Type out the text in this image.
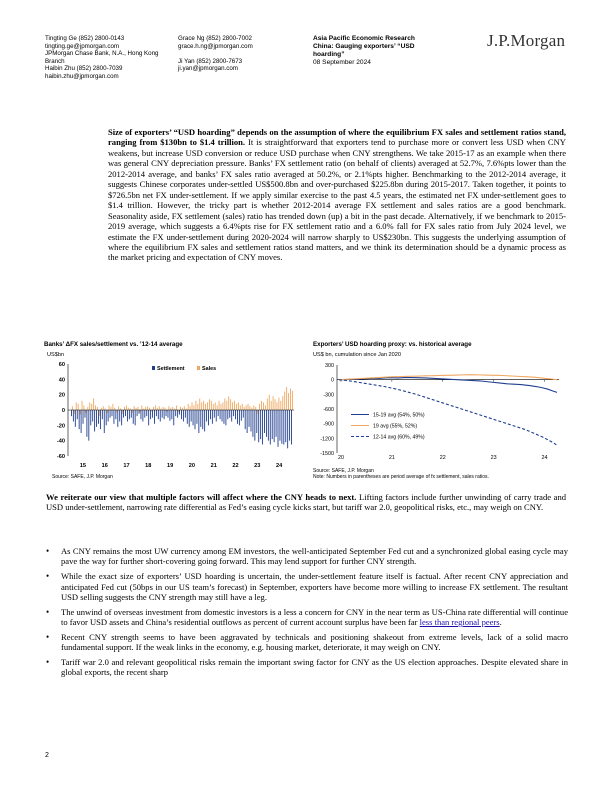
Tingting Ge (852) 2800-0143
tingting.ge@jpmorgan.com
JPMorgan Chase Bank, N.A., Hong Kong Branch
Haibin Zhu (852) 2800-7039
haibin.zhu@jpmorgan.com
Grace Ng (852) 2800-7002
grace.h.ng@jpmorgan.com
Ji Yan (852) 2800-7673
ji.yan@jpmorgan.com
Asia Pacific Economic Research
China: Gauging exporters’ “USD
hoarding”
08 September 2024
J.P.Morgan
Size of exporters’ “USD hoarding” depends on the assumption of where the equilibrium FX sales and settlement ratios stand, ranging from $130bn to $1.4 trillion. It is straightforward that exporters tend to purchase more or convert less USD when CNY weakens, but increase USD conversion or reduce USD purchase when CNY strengthens. We take 2015-17 as an example when there was general CNY depreciation pressure. Banks’ FX settlement ratio (on behalf of clients) averaged at 52.7%, 7.6%pts lower than the 2012-2014 average, and banks’ FX sales ratio averaged at 50.2%, or 2.1%pts higher. Benchmarking to the 2012-2014 average, it suggests Chinese corporates under-settled US$500.8bn and over-purchased $225.8bn during 2015-2017. Taken together, it points to $726.5bn net FX under-settlement. If we apply similar exercise to the past 4.5 years, the estimated net FX under-settlement goes to $1.4 trillion. However, the tricky part is whether 2012-2014 average FX settlement and sales ratios are a good benchmark. Seasonality aside, FX settlement (sales) ratio has trended down (up) a bit in the past decade. Alternatively, if we benchmark to 2015-2019 average, which suggests a 6.4%pts rise for FX settlement ratio and a 6.0% fall for FX sales ratio from July 2024 level, we estimate the FX under-settlement during 2020-2024 will narrow sharply to US$230bn. This suggests the underlying assumption of where the equilibrium FX sales and settlement ratios stand matters, and we think its determination should be a dynamic process as the market pricing and expectation of CNY moves.
Banks’ ΔFX sales/settlement vs. ’12-14 average
US$bn
60
40
20
0
-20
-40
-60
15	16	17	18	19	20	21	22	23	24
Settlement	Sales
Source: SAFE, J.P. Morgan
Exporters’ USD hoarding proxy: vs. historical average
US$ bn, cumulation since Jan 2020
300
0
-300
-600
-900
-1200
-1500
20	21	22	23	24
15-19 avg (54%, 50%)
19 avg (55%, 52%)
12-14 avg (60%, 49%)
Source: SAFE, J.P. Morgan
Note: Numbers in parentheses are period average of fx settlement, sales ratios.
We reiterate our view that multiple factors will affect where the CNY heads to next. Lifting factors include further unwinding of carry trade and USD under-settlement, narrowing rate differential as Fed’s easing cycle kicks start, but tariff war 2.0, geopolitical risks, etc., may weigh on CNY.
• As CNY remains the most UW currency among EM investors, the well-anticipated September Fed cut and a synchronized global easing cycle may pave the way for further short-covering going forward. This may lend support for further CNY strength.
• While the exact size of exporters’ USD hoarding is uncertain, the under-settlement feature itself is factual. After recent CNY appreciation and anticipated Fed cut (50bps in our US team’s forecast) in September, exporters have become more willing to increase FX settlement. The resultant USD selling suggests the CNY strength may still have a leg.
• The unwind of overseas investment from domestic investors is a less a concern for CNY in the near term as US-China rate differential will continue to favor USD assets and China’s residential outflows as percent of current account surplus have been far less than regional peers.
• Recent CNY strength seems to have been aggravated by technicals and positioning shakeout from extreme levels, lack of a solid macro fundamental support. If the weak links in the economy, e.g. housing market, deteriorate, it may weigh on CNY.
• Tariff war 2.0 and relevant geopolitical risks remain the important swing factor for CNY as the US election approaches. Despite elevated share in global exports, the recent sharp
2
